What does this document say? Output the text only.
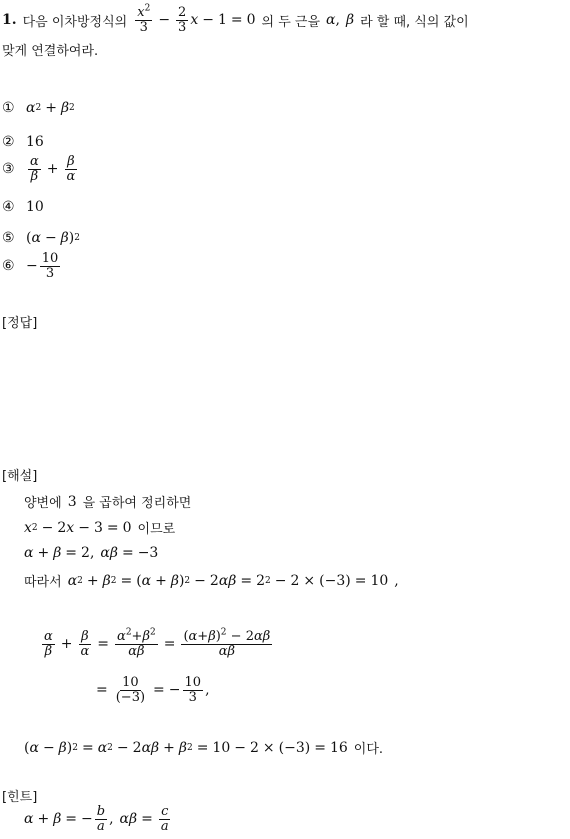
1. 다음 이차방정식의 $\frac{x^2}{3} - \frac{2}{3}$ x − 1 = 0 의 두 근을 α , β 라 할 때, 식의 값이
맞게 연결하여라.
① α 2 + β 2
② 16
③	$\frac{\alpha}{\beta} + \frac{\beta}{\alpha}$
④ 10
⑤ ( α − β ) 2
⑥ − $\frac{10}{3}$
[정답]
[해설]
양변에 3 을 곱하여 정리하면
x 2 − 2 x − 3 = 0 이므로
α + β = 2, αβ = −3
따라서 α 2 + β 2 = ( α + β ) 2 − 2 αβ = 2 2 − 2 × (−3) = 10 ,
$\frac{\alpha}{\beta} + \frac{\beta}{\alpha} = \frac{\alpha^2+\beta^2}{\alpha\beta} = \frac{(\alpha+\beta)^2 - 2\alpha\beta}{\alpha\beta}$
= $\frac{10}{(-3)}$ = − $\frac{10}{3}$ ,
( α − β ) 2 = α 2 − 2 αβ + β 2 = 10 − 2 × (−3) = 16 이다.
[힌트]
α + β = − $\frac{b}{a}$ , $\alpha\beta = \frac{c}{a}$
